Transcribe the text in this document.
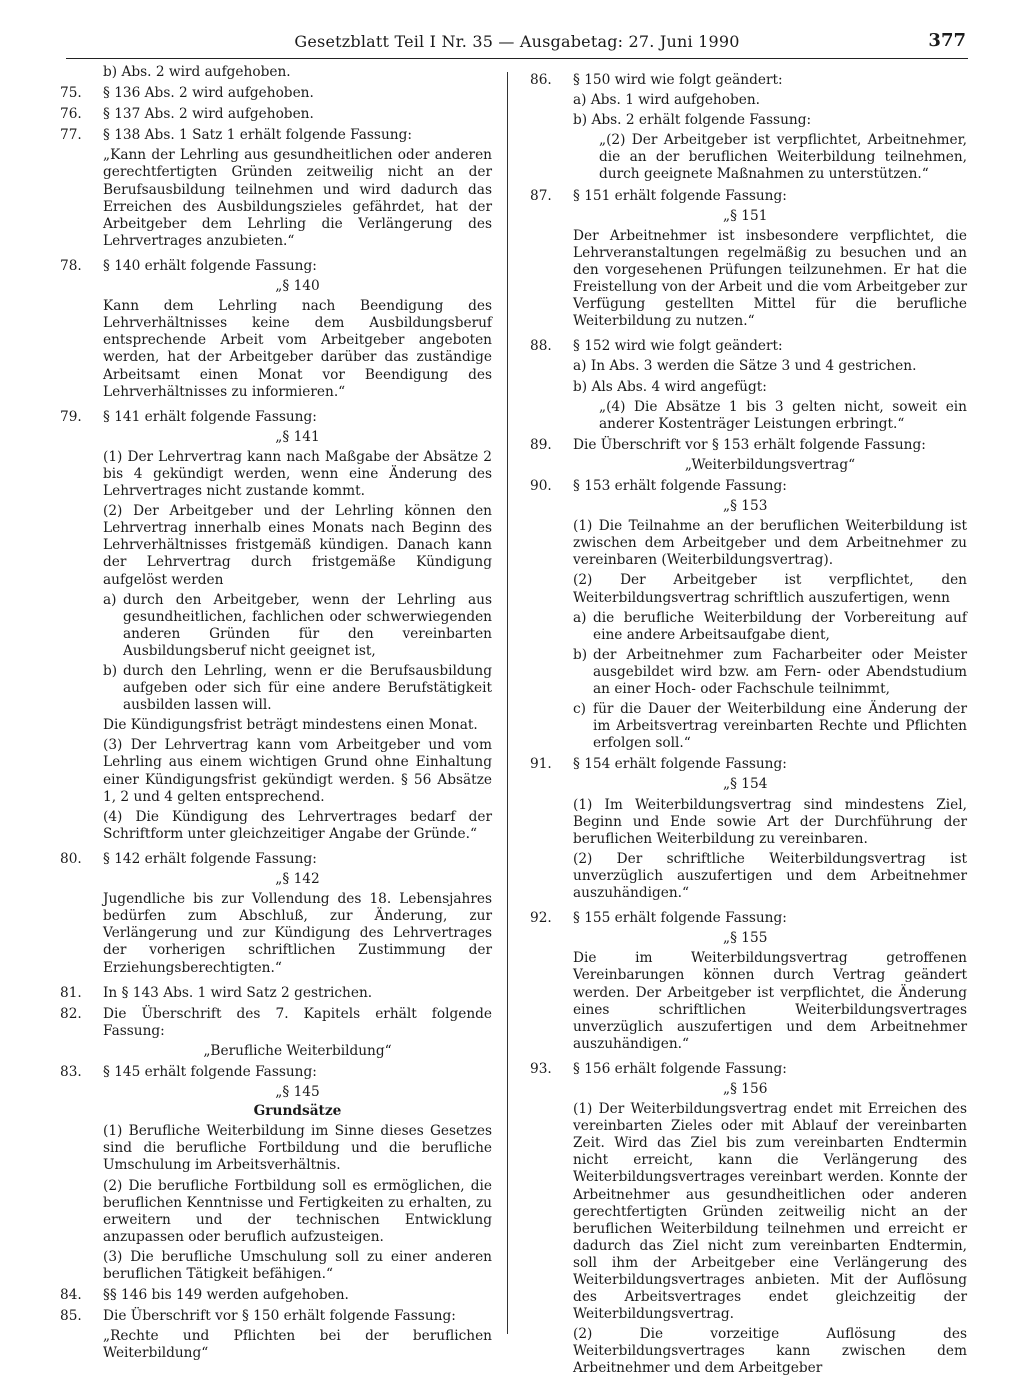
Gesetzblatt Teil I Nr. 35 — Ausgabetag: 27. Juni 1990	377
b) Abs. 2 wird aufgehoben.
75. § 136 Abs. 2 wird aufgehoben.
76. § 137 Abs. 2 wird aufgehoben.
77. § 138 Abs. 1 Satz 1 erhält folgende Fassung:
„Kann der Lehrling aus gesundheitlichen oder anderen gerechtfertigten Gründen zeitweilig nicht an der Berufsausbildung teilnehmen und wird dadurch das Erreichen des Ausbildungszieles gefährdet, hat der Arbeitgeber dem Lehrling die Verlängerung des Lehrvertrages anzubieten.“
78. § 140 erhält folgende Fassung:
„§ 140
Kann dem Lehrling nach Beendigung des Lehrverhältnisses keine dem Ausbildungsberuf entsprechende Arbeit vom Arbeitgeber angeboten werden, hat der Arbeitgeber darüber das zuständige Arbeitsamt einen Monat vor Beendigung des Lehrverhältnisses zu informieren.“
79. § 141 erhält folgende Fassung:
„§ 141
(1) Der Lehrvertrag kann nach Maßgabe der Absätze 2 bis 4 gekündigt werden, wenn eine Änderung des Lehrvertrages nicht zustande kommt.
(2) Der Arbeitgeber und der Lehrling können den Lehrvertrag innerhalb eines Monats nach Beginn des Lehrverhältnisses fristgemäß kündigen. Danach kann der Lehrvertrag durch fristgemäße Kündigung aufgelöst werden
a) durch den Arbeitgeber, wenn der Lehrling aus gesundheitlichen, fachlichen oder schwerwiegenden anderen Gründen für den vereinbarten Ausbildungsberuf nicht geeignet ist,
b) durch den Lehrling, wenn er die Berufsausbildung aufgeben oder sich für eine andere Berufstätigkeit ausbilden lassen will.
Die Kündigungsfrist beträgt mindestens einen Monat.
(3) Der Lehrvertrag kann vom Arbeitgeber und vom Lehrling aus einem wichtigen Grund ohne Einhaltung einer Kündigungsfrist gekündigt werden. § 56 Absätze 1, 2 und 4 gelten entsprechend.
(4) Die Kündigung des Lehrvertrages bedarf der Schriftform unter gleichzeitiger Angabe der Gründe.“
80. § 142 erhält folgende Fassung:
„§ 142
Jugendliche bis zur Vollendung des 18. Lebensjahres bedürfen zum Abschluß, zur Änderung, zur Verlängerung und zur Kündigung des Lehrvertrages der vorherigen schriftlichen Zustimmung der Erziehungsberechtigten.“
81. In § 143 Abs. 1 wird Satz 2 gestrichen.
82. Die Überschrift des 7. Kapitels erhält folgende Fassung:
„Berufliche Weiterbildung“
83. § 145 erhält folgende Fassung:
„§ 145
Grundsätze
(1) Berufliche Weiterbildung im Sinne dieses Gesetzes sind die berufliche Fortbildung und die berufliche Umschulung im Arbeitsverhältnis.
(2) Die berufliche Fortbildung soll es ermöglichen, die beruflichen Kenntnisse und Fertigkeiten zu erhalten, zu erweitern und der technischen Entwicklung anzupassen oder beruflich aufzusteigen.
(3) Die berufliche Umschulung soll zu einer anderen beruflichen Tätigkeit befähigen.“
84. §§ 146 bis 149 werden aufgehoben.
85. Die Überschrift vor § 150 erhält folgende Fassung:
„Rechte und Pflichten bei der beruflichen Weiterbildung“
86. § 150 wird wie folgt geändert:
a) Abs. 1 wird aufgehoben.
b) Abs. 2 erhält folgende Fassung:
„(2) Der Arbeitgeber ist verpflichtet, Arbeitnehmer, die an der beruflichen Weiterbildung teilnehmen, durch geeignete Maßnahmen zu unterstützen.“
87. § 151 erhält folgende Fassung:
„§ 151
Der Arbeitnehmer ist insbesondere verpflichtet, die Lehrveranstaltungen regelmäßig zu besuchen und an den vorgesehenen Prüfungen teilzunehmen. Er hat die Freistellung von der Arbeit und die vom Arbeitgeber zur Verfügung gestellten Mittel für die berufliche Weiterbildung zu nutzen.“
88. § 152 wird wie folgt geändert:
a) In Abs. 3 werden die Sätze 3 und 4 gestrichen.
b) Als Abs. 4 wird angefügt:
„(4) Die Absätze 1 bis 3 gelten nicht, soweit ein anderer Kostenträger Leistungen erbringt.“
89. Die Überschrift vor § 153 erhält folgende Fassung:
„Weiterbildungsvertrag“
90. § 153 erhält folgende Fassung:
„§ 153
(1) Die Teilnahme an der beruflichen Weiterbildung ist zwischen dem Arbeitgeber und dem Arbeitnehmer zu vereinbaren (Weiterbildungsvertrag).
(2) Der Arbeitgeber ist verpflichtet, den Weiterbildungsvertrag schriftlich auszufertigen, wenn
a) die berufliche Weiterbildung der Vorbereitung auf eine andere Arbeitsaufgabe dient,
b) der Arbeitnehmer zum Facharbeiter oder Meister ausgebildet wird bzw. am Fern- oder Abendstudium an einer Hoch- oder Fachschule teilnimmt,
c) für die Dauer der Weiterbildung eine Änderung der im Arbeitsvertrag vereinbarten Rechte und Pflichten erfolgen soll.“
91. § 154 erhält folgende Fassung:
„§ 154
(1) Im Weiterbildungsvertrag sind mindestens Ziel, Beginn und Ende sowie Art der Durchführung der beruflichen Weiterbildung zu vereinbaren.
(2) Der schriftliche Weiterbildungsvertrag ist unverzüglich auszufertigen und dem Arbeitnehmer auszuhändigen.“
92. § 155 erhält folgende Fassung:
„§ 155
Die im Weiterbildungsvertrag getroffenen Vereinbarungen können durch Vertrag geändert werden. Der Arbeitgeber ist verpflichtet, die Änderung eines schriftlichen Weiterbildungsvertrages unverzüglich auszufertigen und dem Arbeitnehmer auszuhändigen.“
93. § 156 erhält folgende Fassung:
„§ 156
(1) Der Weiterbildungsvertrag endet mit Erreichen des vereinbarten Zieles oder mit Ablauf der vereinbarten Zeit. Wird das Ziel bis zum vereinbarten Endtermin nicht erreicht, kann die Verlängerung des Weiterbildungsvertrages vereinbart werden. Konnte der Arbeitnehmer aus gesundheitlichen oder anderen gerechtfertigten Gründen zeitweilig nicht an der beruflichen Weiterbildung teilnehmen und erreicht er dadurch das Ziel nicht zum vereinbarten Endtermin, soll ihm der Arbeitgeber eine Verlängerung des Weiterbildungsvertrages anbieten. Mit der Auflösung des Arbeitsvertrages endet gleichzeitig der Weiterbildungsvertrag.
(2) Die vorzeitige Auflösung des Weiterbildungsvertrages kann zwischen dem Arbeitnehmer und dem Arbeitgeber
